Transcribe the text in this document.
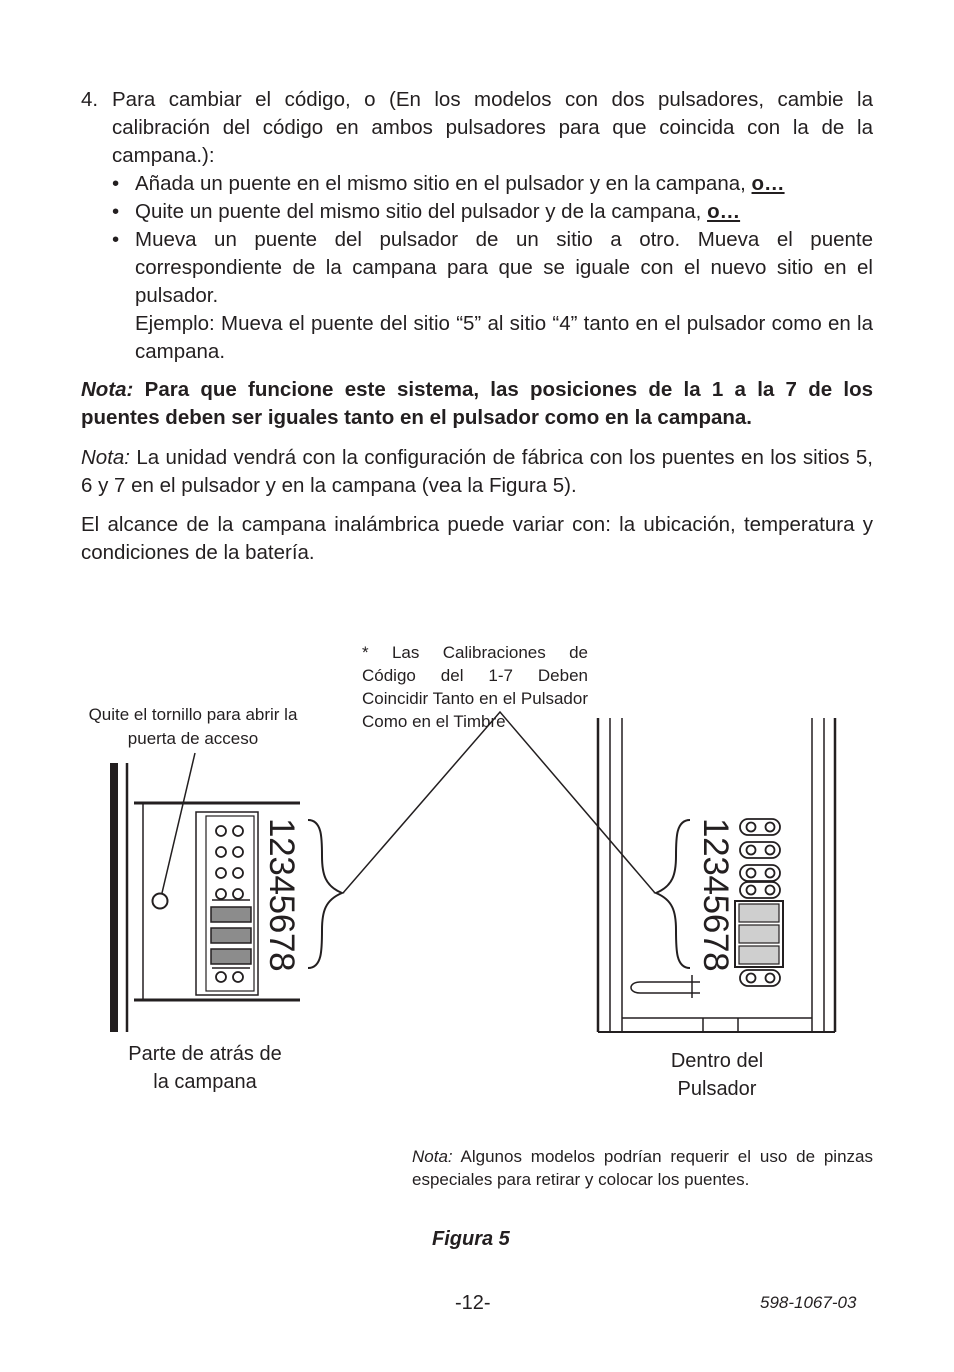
4. Para cambiar el código, o (En los modelos con dos pulsadores, cambie la calibración del código en ambos pulsadores para que coincida con la de la campana.):
• Añada un puente en el mismo sitio en el pulsador y en la campana, o…
• Quite un puente del mismo sitio del pulsador y de la campana, o…
• Mueva un puente del pulsador de un sitio a otro. Mueva el puente correspondiente de la campana para que se iguale con el nuevo sitio en el pulsador.
Ejemplo: Mueva el puente del sitio “5” al sitio “4” tanto en el pulsador como en la campana.
Nota: Para que funcione este sistema, las posiciones de la 1 a la 7 de los puentes deben ser iguales tanto en el pulsador como en la campana.
Nota: La unidad vendrá con la configuración de fábrica con los puentes en los sitios 5, 6 y 7 en el pulsador y en la campana (vea la Figura 5).
El alcance de la campana inalámbrica puede variar con: la ubicación, temperatura y condiciones de la batería.
Quite el tornillo para abrir la puerta de acceso
* Las Calibraciones de Código del 1-7 Deben Coincidir Tanto en el Pulsador Como en el Timbre
12345678	12345678
Parte de atrás de la campana
Dentro del Pulsador
Nota: Algunos modelos podrían requerir el uso de pinzas especiales para retirar y colocar los puentes.
Figura 5
-12-	598-1067-03
